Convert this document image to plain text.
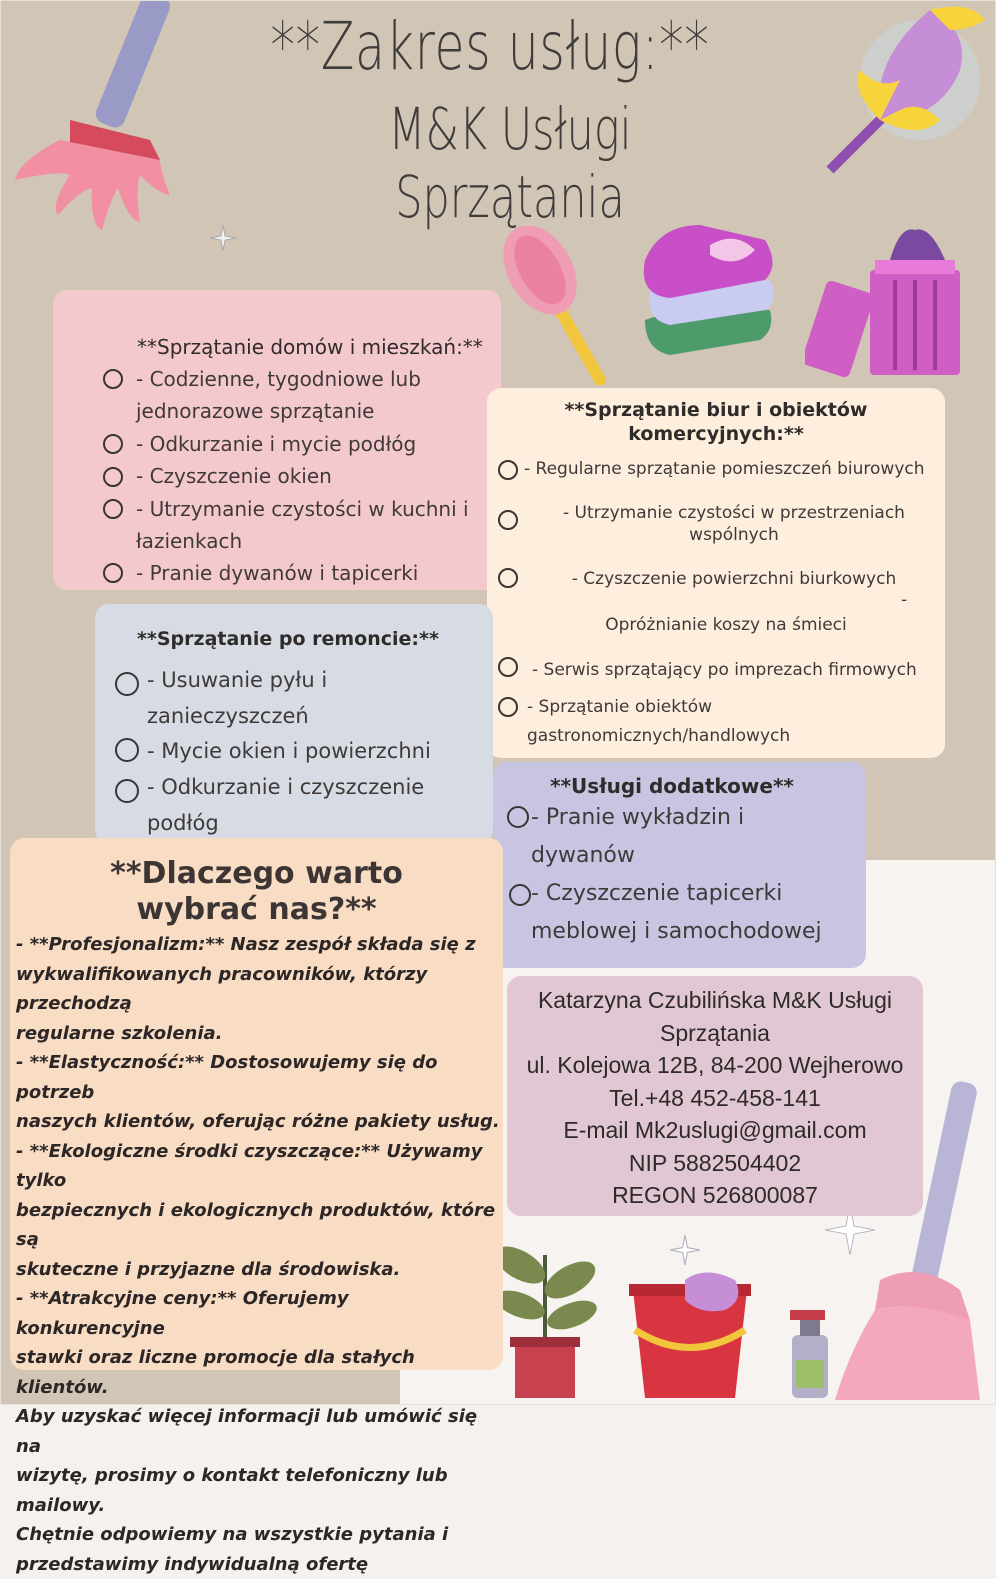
**Zakres usług:**
M&K Usługi Sprzątania
**Sprzątanie domów i mieszkań:**
- Codzienne, tygodniowe lub
jednorazowe sprzątanie
- Odkurzanie i mycie podłóg
- Czyszczenie okien
- Utrzymanie czystości w kuchni i
łazienkach
- Pranie dywanów i tapicerki
**Sprzątanie biur i obiektów
komercyjnych:**
- Regularne sprzątanie pomieszczeń biurowych
- Utrzymanie czystości w przestrzeniach
wspólnych
- Czyszczenie powierzchni biurkowych
-
Opróżnianie koszy na śmieci
- Serwis sprzątający po imprezach firmowych
- Sprzątanie obiektów
gastronomicznych/handlowych
**Sprzątanie po remoncie:**
- Usuwanie pyłu i
zanieczyszczeń
- Mycie okien i powierzchni
- Odkurzanie i czyszczenie
podłóg
**Usługi dodatkowe**
- Pranie wykładzin i
dywanów
- Czyszczenie tapicerki
meblowej i samochodowej
**Dlaczego warto
wybrać nas?**

- **Profesjonalizm:** Nasz zespół składa się z

wykwalifikowanych pracowników, którzy przechodzą

regularne szkolenia.

- **Elastyczność:** Dostosowujemy się do potrzeb

naszych klientów, oferując różne pakiety usług.

- **Ekologiczne środki czyszczące:** Używamy tylko

bezpiecznych i ekologicznych produktów, które są

skuteczne i przyjazne dla środowiska.

- **Atrakcyjne ceny:** Oferujemy konkurencyjne

stawki oraz liczne promocje dla stałych klientów.

Aby uzyskać więcej informacji lub umówić się na

wizytę, prosimy o kontakt telefoniczny lub mailowy.

Chętnie odpowiemy na wszystkie pytania i

przedstawimy indywidualną ofertę

Katarzyna Czubilińska M&K Usługi
Sprzątania
ul. Kolejowa 12B, 84-200 Wejherowo
Tel.+48 452-458-141
E-mail Mk2uslugi@gmail.com
NIP 5882504402
REGON 526800087
